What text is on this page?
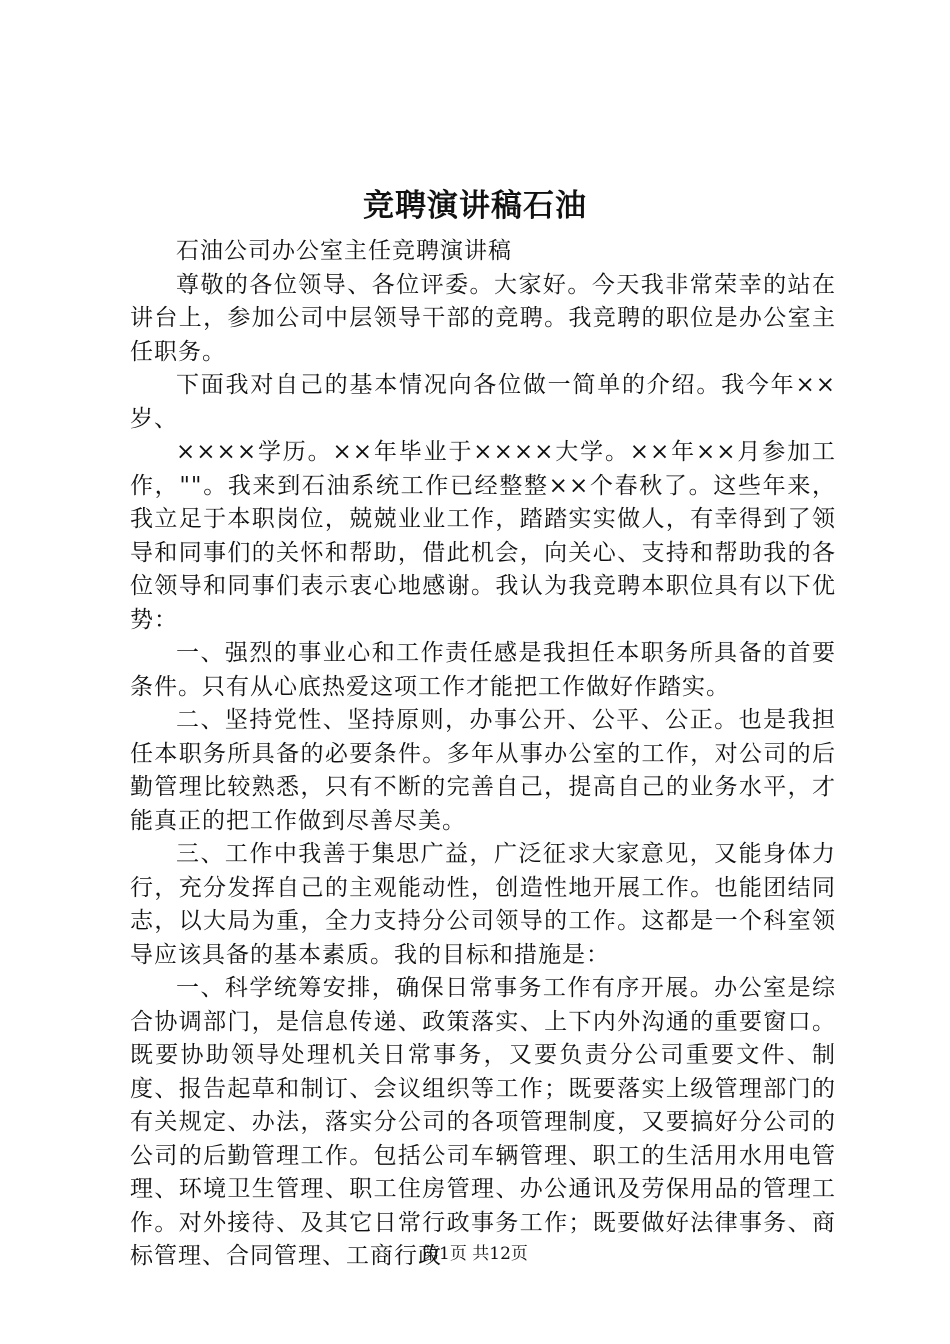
竞聘演讲稿石油

石油公司办公室主任竞聘演讲稿

尊敬的各位领导、各位评委。大家好。今天我非常荣幸的站在讲台上，参加公司中层领导干部的竞聘。我竞聘的职位是办公室主任职务。

下面我对自己的基本情况向各位做一简单的介绍。我今年××岁、

××××学历。××年毕业于××××大学。××年××月参加工作，""。我来到石油系统工作已经整整××个春秋了。这些年来，我立足于本职岗位，兢兢业业工作，踏踏实实做人，有幸得到了领导和同事们的关怀和帮助，借此机会，向关心、支持和帮助我的各位领导和同事们表示衷心地感谢。我认为我竞聘本职位具有以下优势：

一、强烈的事业心和工作责任感是我担任本职务所具备的首要条件。只有从心底热爱这项工作才能把工作做好作踏实。

二、坚持党性、坚持原则，办事公开、公平、公正。也是我担任本职务所具备的必要条件。多年从事办公室的工作，对公司的后勤管理比较熟悉，只有不断的完善自己，提高自己的业务水平，才能真正的把工作做到尽善尽美。

三、工作中我善于集思广益，广泛征求大家意见，又能身体力行，充分发挥自己的主观能动性，创造性地开展工作。也能团结同志，以大局为重，全力支持分公司领导的工作。这都是一个科室领导应该具备的基本素质。我的目标和措施是：

一、科学统筹安排，确保日常事务工作有序开展。办公室是综合协调部门，是信息传递、政策落实、上下内外沟通的重要窗口。既要协助领导处理机关日常事务，又要负责分公司重要文件、制度、报告起草和制订、会议组织等工作；既要落实上级管理部门的有关规定、办法，落实分公司的各项管理制度，又要搞好分公司的公司的后勤管理工作。包括公司车辆管理、职工的生活用水用电管理、环境卫生管理、职工住房管理、办公通讯及劳保用品的管理工作。对外接待、及其它日常行政事务工作；既要做好法律事务、商标管理、合同管理、工商行政

第1页 共12页
